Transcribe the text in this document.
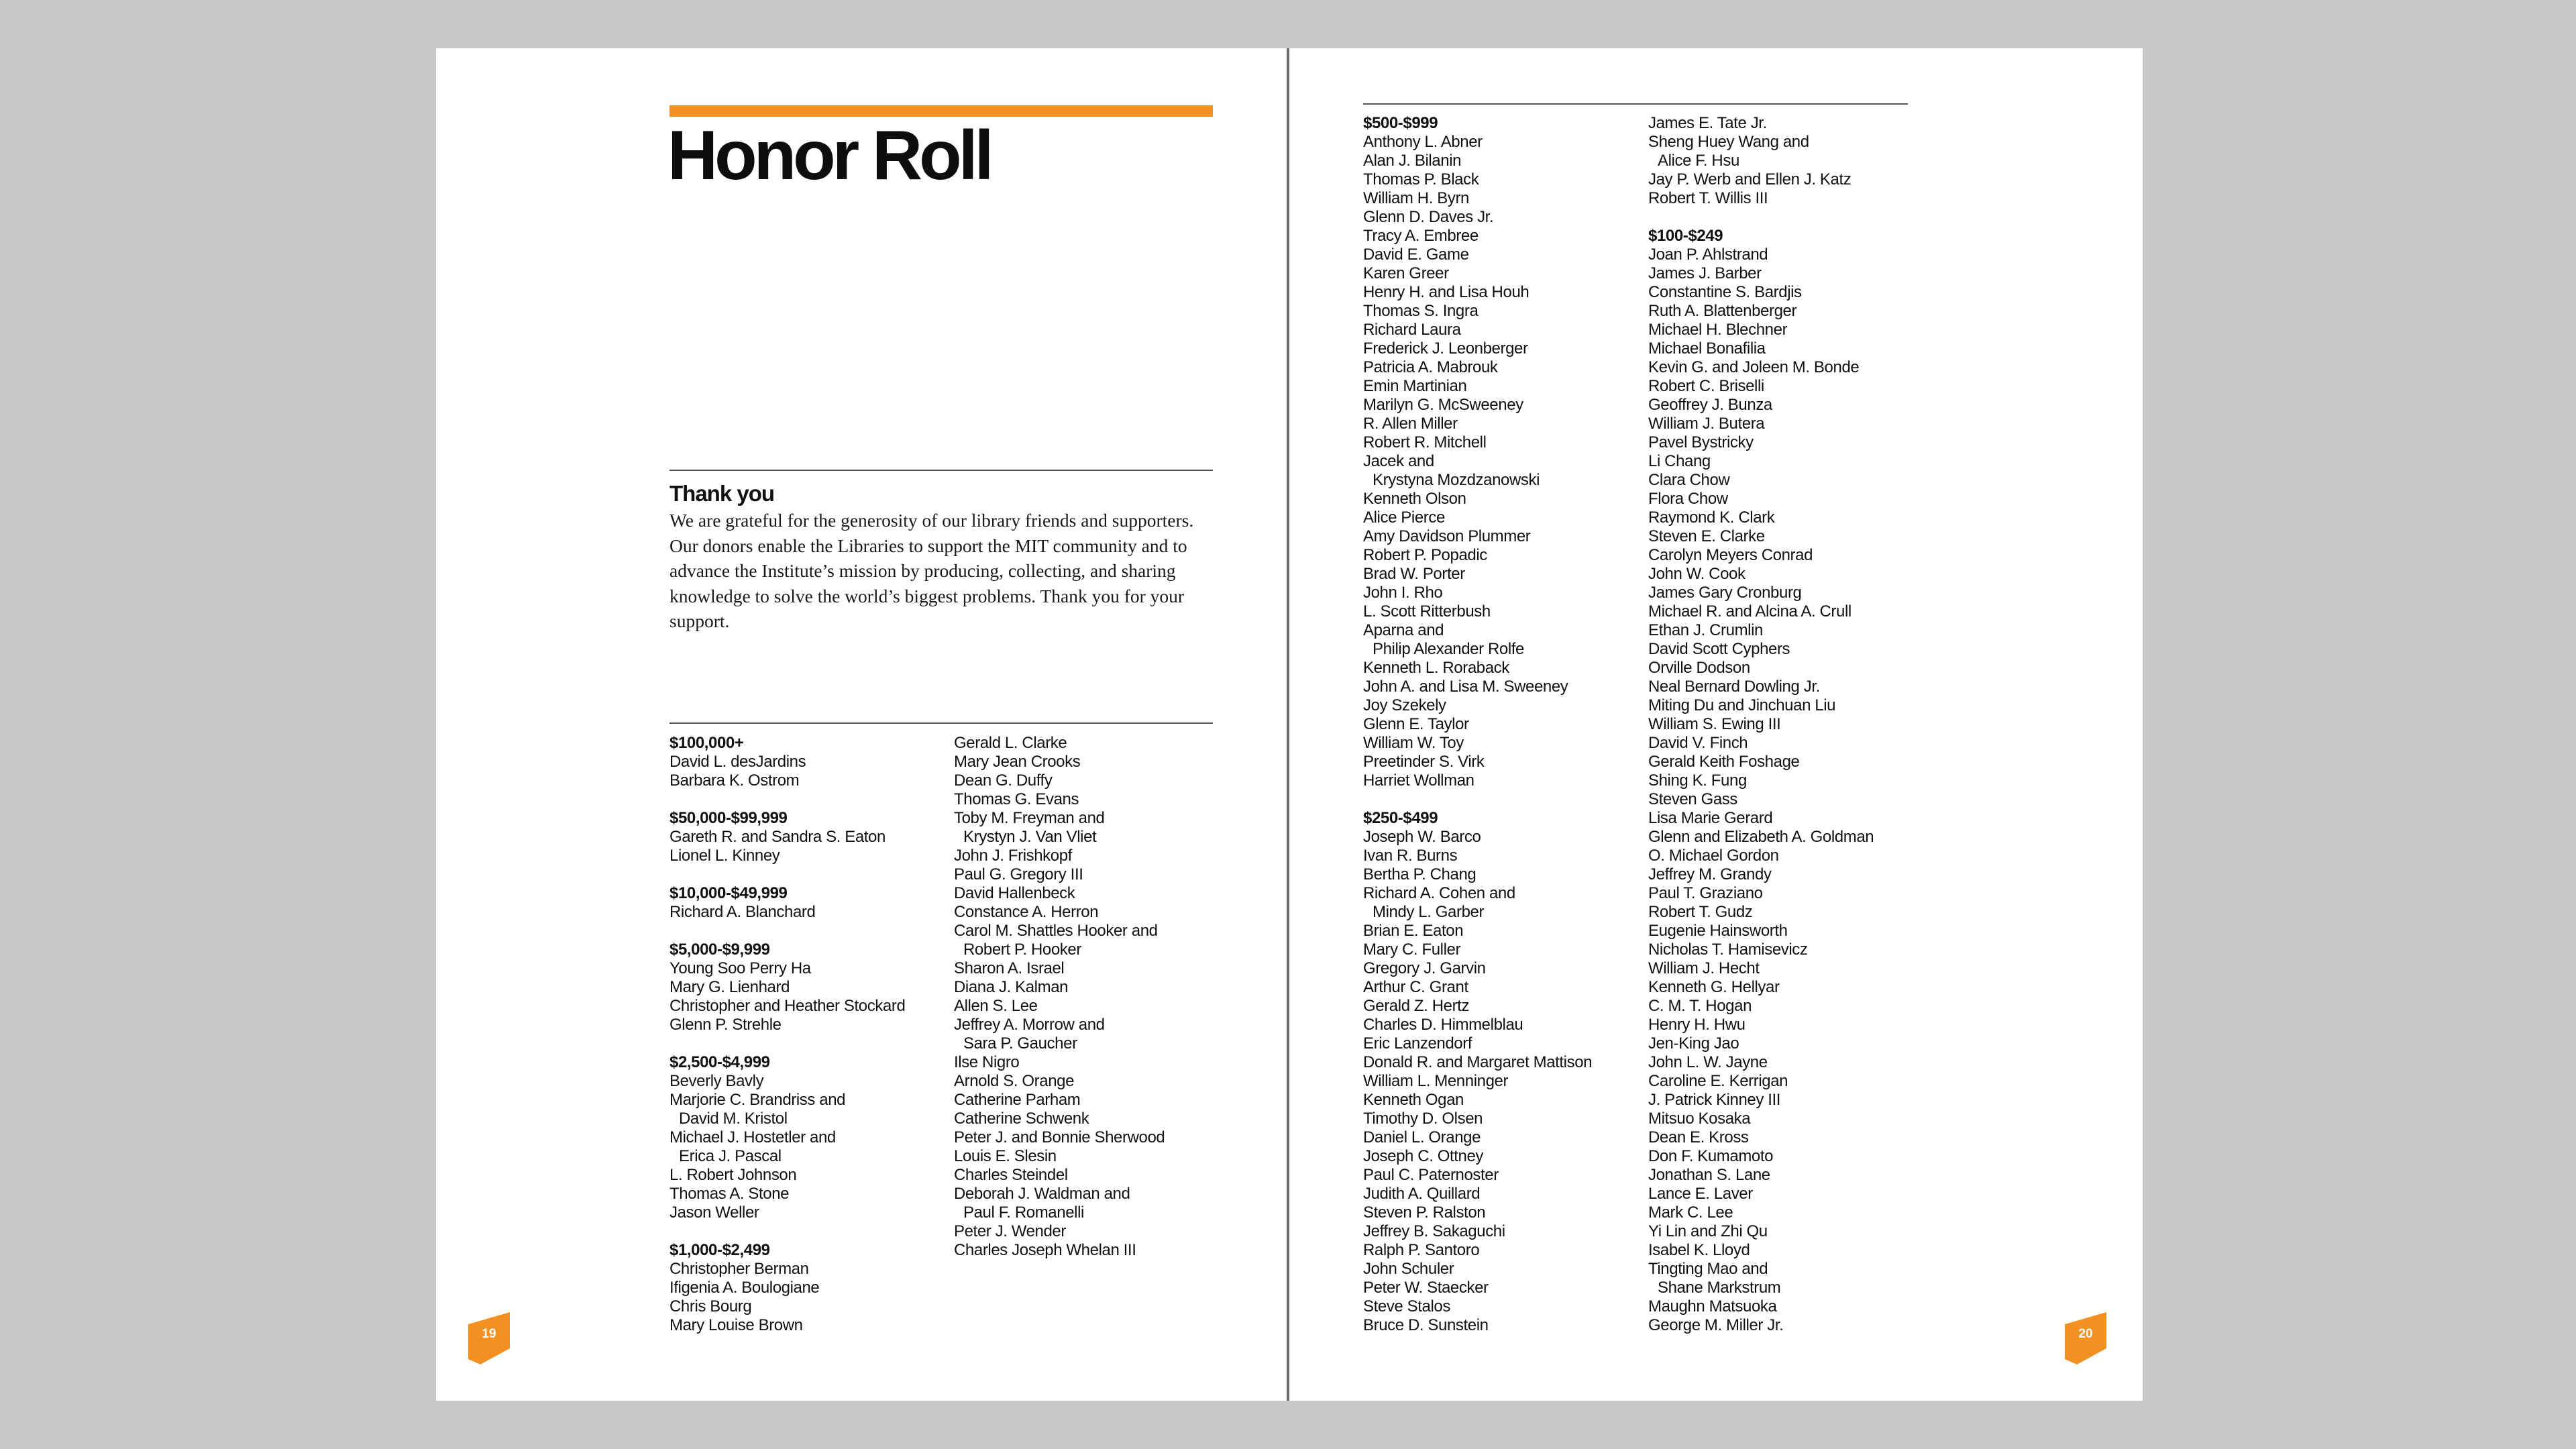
Honor Roll
Thank you

We are grateful for the generosity of our library friends and supporters. Our donors enable the Libraries to support the MIT community and to advance the Institute’s mission by producing, collecting, and sharing knowledge to solve the world’s biggest problems. Thank you for your support.

$100,000+
David L. desJardins
Barbara K. Ostrom
$50,000-$99,999
Gareth R. and Sandra S. Eaton
Lionel L. Kinney
$10,000-$49,999
Richard A. Blanchard
$5,000-$9,999
Young Soo Perry Ha
Mary G. Lienhard
Christopher and Heather Stockard
Glenn P. Strehle
$2,500-$4,999
Beverly Bavly
Marjorie C. Brandriss and
David M. Kristol
Michael J. Hostetler and
Erica J. Pascal
L. Robert Johnson
Thomas A. Stone
Jason Weller
$1,000-$2,499
Christopher Berman
Ifigenia A. Boulogiane
Chris Bourg
Mary Louise Brown
Gerald L. Clarke
Mary Jean Crooks
Dean G. Duffy
Thomas G. Evans
Toby M. Freyman and
Krystyn J. Van Vliet
John J. Frishkopf
Paul G. Gregory III
David Hallenbeck
Constance A. Herron
Carol M. Shattles Hooker and
Robert P. Hooker
Sharon A. Israel
Diana J. Kalman
Allen S. Lee
Jeffrey A. Morrow and
Sara P. Gaucher
Ilse Nigro
Arnold S. Orange
Catherine Parham
Catherine Schwenk
Peter J. and Bonnie Sherwood
Louis E. Slesin
Charles Steindel
Deborah J. Waldman and
Paul F. Romanelli
Peter J. Wender
Charles Joseph Whelan III
19
$500-$999
Anthony L. Abner
Alan J. Bilanin
Thomas P. Black
William H. Byrn
Glenn D. Daves Jr.
Tracy A. Embree
David E. Game
Karen Greer
Henry H. and Lisa Houh
Thomas S. Ingra
Richard Laura
Frederick J. Leonberger
Patricia A. Mabrouk
Emin Martinian
Marilyn G. McSweeney
R. Allen Miller
Robert R. Mitchell
Jacek and
Krystyna Mozdzanowski
Kenneth Olson
Alice Pierce
Amy Davidson Plummer
Robert P. Popadic
Brad W. Porter
John I. Rho
L. Scott Ritterbush
Aparna and
Philip Alexander Rolfe
Kenneth L. Roraback
John A. and Lisa M. Sweeney
Joy Szekely
Glenn E. Taylor
William W. Toy
Preetinder S. Virk
Harriet Wollman
$250-$499
Joseph W. Barco
Ivan R. Burns
Bertha P. Chang
Richard A. Cohen and
Mindy L. Garber
Brian E. Eaton
Mary C. Fuller
Gregory J. Garvin
Arthur C. Grant
Gerald Z. Hertz
Charles D. Himmelblau
Eric Lanzendorf
Donald R. and Margaret Mattison
William L. Menninger
Kenneth Ogan
Timothy D. Olsen
Daniel L. Orange
Joseph C. Ottney
Paul C. Paternoster
Judith A. Quillard
Steven P. Ralston
Jeffrey B. Sakaguchi
Ralph P. Santoro
John Schuler
Peter W. Staecker
Steve Stalos
Bruce D. Sunstein
James E. Tate Jr.
Sheng Huey Wang and
Alice F. Hsu
Jay P. Werb and Ellen J. Katz
Robert T. Willis III
$100-$249
Joan P. Ahlstrand
James J. Barber
Constantine S. Bardjis
Ruth A. Blattenberger
Michael H. Blechner
Michael Bonafilia
Kevin G. and Joleen M. Bonde
Robert C. Briselli
Geoffrey J. Bunza
William J. Butera
Pavel Bystricky
Li Chang
Clara Chow
Flora Chow
Raymond K. Clark
Steven E. Clarke
Carolyn Meyers Conrad
John W. Cook
James Gary Cronburg
Michael R. and Alcina A. Crull
Ethan J. Crumlin
David Scott Cyphers
Orville Dodson
Neal Bernard Dowling Jr.
Miting Du and Jinchuan Liu
William S. Ewing III
David V. Finch
Gerald Keith Foshage
Shing K. Fung
Steven Gass
Lisa Marie Gerard
Glenn and Elizabeth A. Goldman
O. Michael Gordon
Jeffrey M. Grandy
Paul T. Graziano
Robert T. Gudz
Eugenie Hainsworth
Nicholas T. Hamisevicz
William J. Hecht
Kenneth G. Hellyar
C. M. T. Hogan
Henry H. Hwu
Jen-King Jao
John L. W. Jayne
Caroline E. Kerrigan
J. Patrick Kinney III
Mitsuo Kosaka
Dean E. Kross
Don F. Kumamoto
Jonathan S. Lane
Lance E. Laver
Mark C. Lee
Yi Lin and Zhi Qu
Isabel K. Lloyd
Tingting Mao and
Shane Markstrum
Maughn Matsuoka
George M. Miller Jr.	20
